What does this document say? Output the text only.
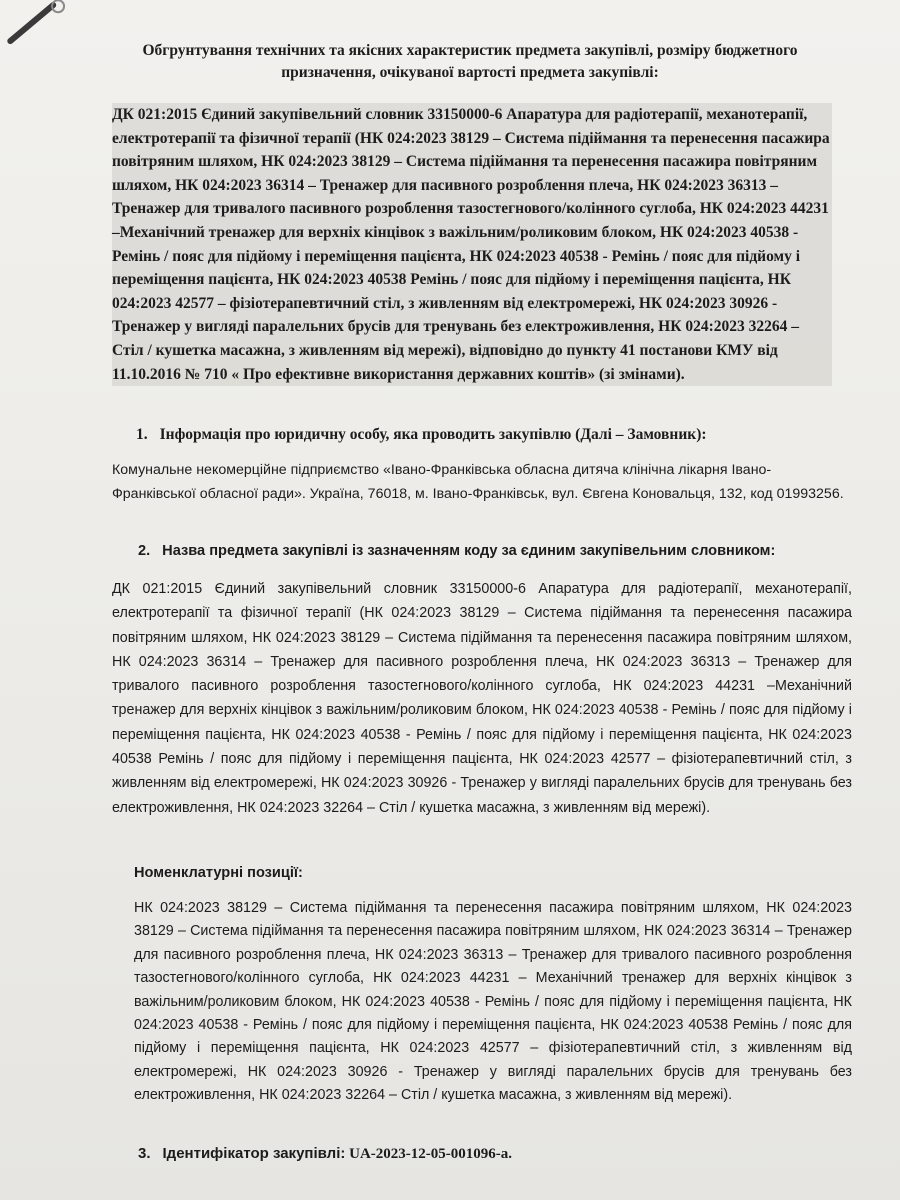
Обгрунтування технічних та якісних характеристик предмета закупівлі, розміру бюджетного призначення, очікуваної вартості предмета закупівлі:
ДК 021:2015 Єдиний закупівельний словник 33150000-6 Апаратура для радіотерапії, механотерапії, електротерапії та фізичної терапії (НК 024:2023 38129 – Система підіймання та перенесення пасажира повітряним шляхом, НК 024:2023 38129 – Система підіймання та перенесення пасажира повітряним шляхом, НК 024:2023 36314 – Тренажер для пасивного розроблення плеча, НК 024:2023 36313 – Тренажер для тривалого пасивного розроблення тазостегнового/колінного суглоба, НК 024:2023 44231 –Механічний тренажер для верхніх кінцівок з важільним/роликовим блоком, НК 024:2023 40538 - Ремінь / пояс для підйому і переміщення пацієнта, НК 024:2023 40538 - Ремінь / пояс для підйому і переміщення пацієнта, НК 024:2023 40538 Ремінь / пояс для підйому і переміщення пацієнта, НК 024:2023 42577 – фізіотерапевтичний стіл, з живленням від електромережі, НК 024:2023 30926 - Тренажер у вигляді паралельних брусів для тренувань без електроживлення, НК 024:2023 32264 – Стіл / кушетка масажна, з живленням від мережі), відповідно до пункту 41 постанови КМУ від 11.10.2016 № 710 « Про ефективне використання державних коштів» (зі змінами).
1. Інформація про юридичну особу, яка проводить закупівлю (Далі – Замовник):
Комунальне некомерційне підприємство «Івано-Франківська обласна дитяча клінічна лікарня Івано-Франківської обласної ради». Україна, 76018, м. Івано-Франківськ, вул. Євгена Коновальця, 132, код 01993256.
2. Назва предмета закупівлі із зазначенням коду за єдиним закупівельним словником:
ДК 021:2015 Єдиний закупівельний словник 33150000-6 Апаратура для радіотерапії, механотерапії, електротерапії та фізичної терапії (НК 024:2023 38129 – Система підіймання та перенесення пасажира повітряним шляхом, НК 024:2023 38129 – Система підіймання та перенесення пасажира повітряним шляхом, НК 024:2023 36314 – Тренажер для пасивного розроблення плеча, НК 024:2023 36313 – Тренажер для тривалого пасивного розроблення тазостегнового/колінного суглоба, НК 024:2023 44231 –Механічний тренажер для верхніх кінцівок з важільним/роликовим блоком, НК 024:2023 40538 - Ремінь / пояс для підйому і переміщення пацієнта, НК 024:2023 40538 - Ремінь / пояс для підйому і переміщення пацієнта, НК 024:2023 40538 Ремінь / пояс для підйому і переміщення пацієнта, НК 024:2023 42577 – фізіотерапевтичний стіл, з живленням від електромережі, НК 024:2023 30926 - Тренажер у вигляді паралельних брусів для тренувань без електроживлення, НК 024:2023 32264 – Стіл / кушетка масажна, з живленням від мережі).
Номенклатурні позиції:
НК 024:2023 38129 – Система підіймання та перенесення пасажира повітряним шляхом, НК 024:2023 38129 – Система підіймання та перенесення пасажира повітряним шляхом, НК 024:2023 36314 – Тренажер для пасивного розроблення плеча, НК 024:2023 36313 – Тренажер для тривалого пасивного розроблення тазостегнового/колінного суглоба, НК 024:2023 44231 – Механічний тренажер для верхніх кінцівок з важільним/роликовим блоком, НК 024:2023 40538 - Ремінь / пояс для підйому і переміщення пацієнта, НК 024:2023 40538 - Ремінь / пояс для підйому і переміщення пацієнта, НК 024:2023 40538 Ремінь / пояс для підйому і переміщення пацієнта, НК 024:2023 42577 – фізіотерапевтичний стіл, з живленням від електромережі, НК 024:2023 30926 - Тренажер у вигляді паралельних брусів для тренувань без електроживлення, НК 024:2023 32264 – Стіл / кушетка масажна, з живленням від мережі).
3. Ідентифікатор закупівлі: UA-2023-12-05-001096-a.
